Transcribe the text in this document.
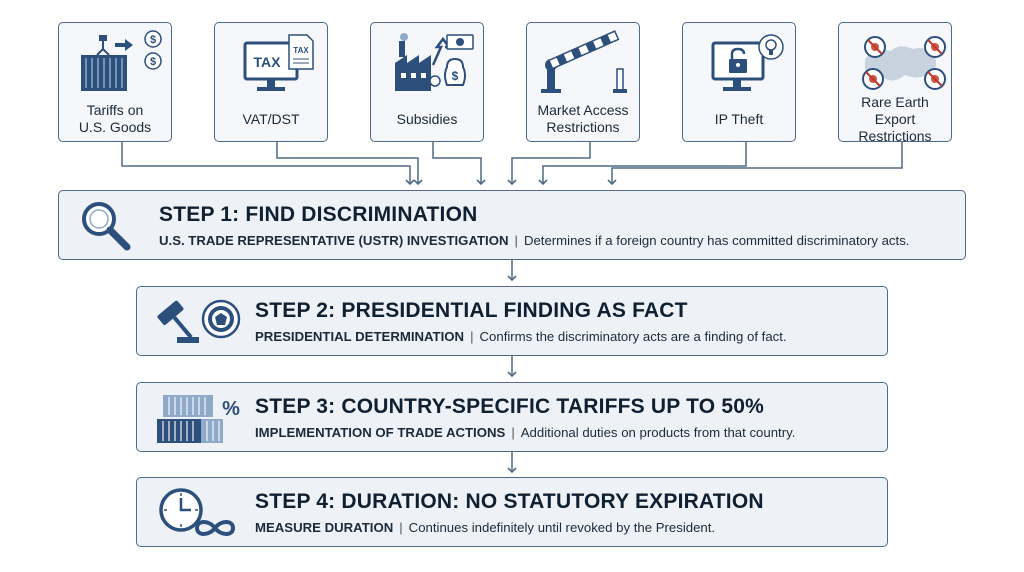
$
$
Tariffs on
U.S. Goods
TAX
TAX
VAT/DST
$
Subsidies
Market Access
Restrictions
IP Theft
Rare Earth Export
Restrictions
STEP 1: FIND DISCRIMINATION
U.S. TRADE REPRESENTATIVE (USTR) INVESTIGATION | Determines if a foreign country has committed discriminatory acts.
STEP 2: PRESIDENTIAL FINDING AS FACT
PRESIDENTIAL DETERMINATION | Confirms the discriminatory acts are a finding of fact.
% STEP 3: COUNTRY-SPECIFIC TARIFFS UP TO 50%
IMPLEMENTATION OF TRADE ACTIONS | Additional duties on products from that country.
STEP 4: DURATION: NO STATUTORY EXPIRATION
MEASURE DURATION | Continues indefinitely until revoked by the President.
